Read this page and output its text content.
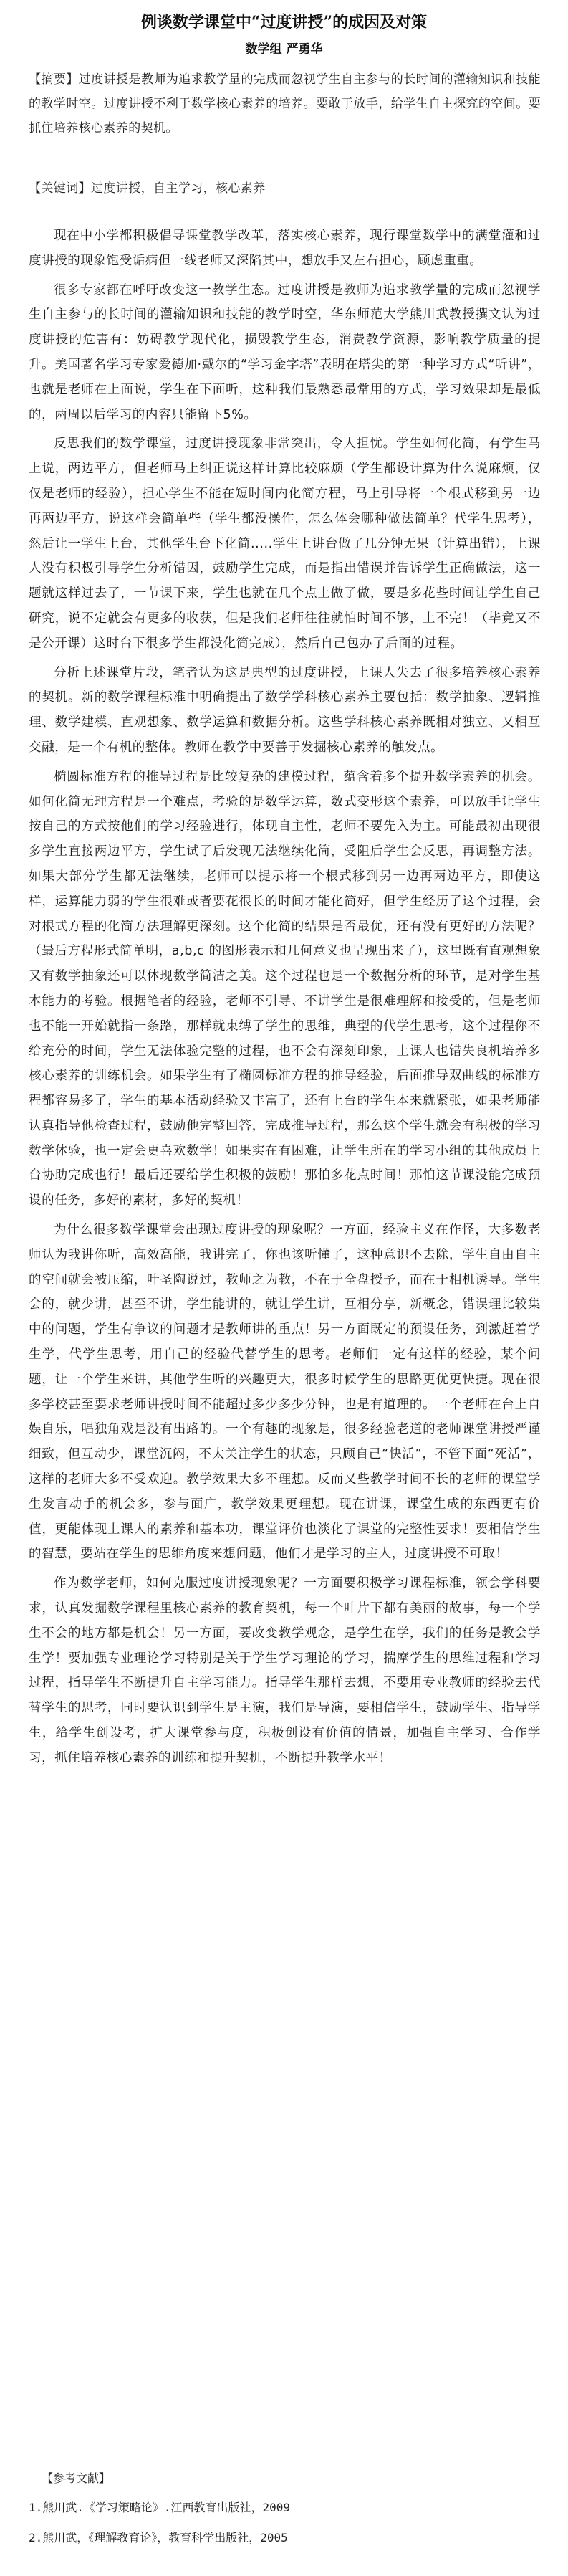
例谈数学课堂中“过度讲授”的成因及对策
数学组 严勇华
【摘要】过度讲授是教师为追求教学量的完成而忽视学生自主参与的长时间的灌输知识和技能的教学时空。过度讲授不利于数学核心素养的培养。要敢于放手，给学生自主探究的空间。要抓住培养核心素养的契机。
【关键词】过度讲授，自主学习，核心素养

现在中小学都积极倡导课堂教学改革，落实核心素养，现行课堂数学中的满堂灌和过度讲授的现象饱受诟病但一线老师又深陷其中，想放手又左右担心，顾虑重重。

很多专家都在呼吁改变这一教学生态。过度讲授是教师为追求教学量的完成而忽视学生自主参与的长时间的灌输知识和技能的教学时空，华东师范大学熊川武教授撰文认为过度讲授的危害有：妨碍教学现代化，损毁教学生态，消费教学资源，影响教学质量的提升。美国著名学习专家爱德加·戴尔的“学习金字塔”表明在塔尖的第一种学习方式“听讲”，也就是老师在上面说，学生在下面听，这种我们最熟悉最常用的方式，学习效果却是最低的，两周以后学习的内容只能留下5%。

反思我们的数学课堂，过度讲授现象非常突出，令人担忧。学生如何化简，有学生马上说，两边平方，但老师马上纠正说这样计算比较麻烦（学生都设计算为什么说麻烦，仅仅是老师的经验），担心学生不能在短时间内化简方程，马上引导将一个根式移到另一边再两边平方，说这样会简单些（学生都没操作，怎么体会哪种做法简单？代学生思考），然后让一学生上台，其他学生台下化简.....学生上讲台做了几分钟无果（计算出错），上课人没有积极引导学生分析错因，鼓励学生完成，而是指出错误并告诉学生正确做法，这一题就这样过去了，一节课下来，学生也就在几个点上做了做，要是多花些时间让学生自己研究，说不定就会有更多的收获，但是我们老师往往就怕时间不够，上不完！（毕竟又不是公开课）这时台下很多学生都没化简完成），然后自己包办了后面的过程。

分析上述课堂片段，笔者认为这是典型的过度讲授，上课人失去了很多培养核心素养的契机。新的数学课程标准中明确提出了数学学科核心素养主要包括：数学抽象、逻辑推理、数学建模、直观想象、数学运算和数据分析。这些学科核心素养既相对独立、又相互交融，是一个有机的整体。教师在教学中要善于发掘核心素养的触发点。

椭圆标准方程的推导过程是比较复杂的建模过程，蕴含着多个提升数学素养的机会。如何化简无理方程是一个难点，考验的是数学运算，数式变形这个素养，可以放手让学生按自己的方式按他们的学习经验进行，体现自主性，老师不要先入为主。可能最初出现很多学生直接两边平方，学生试了后发现无法继续化简，受阻后学生会反思，再调整方法。如果大部分学生都无法继续，老师可以提示将一个根式移到另一边再两边平方，即使这样，运算能力弱的学生很难或者要花很长的时间才能化简好，但学生经历了这个过程，会对根式方程的化简方法理解更深刻。这个化简的结果是否最优，还有没有更好的方法呢？（最后方程形式简单明，a,b,c 的图形表示和几何意义也呈现出来了），这里既有直观想象又有数学抽象还可以体现数学简洁之美。这个过程也是一个数据分析的环节，是对学生基本能力的考验。根据笔者的经验，老师不引导、不讲学生是很难理解和接受的，但是老师也不能一开始就指一条路，那样就束缚了学生的思维，典型的代学生思考，这个过程你不给充分的时间，学生无法体验完整的过程，也不会有深刻印象，上课人也错失良机培养多核心素养的训练机会。如果学生有了椭圆标准方程的推导经验，后面推导双曲线的标准方程都容易多了，学生的基本活动经验又丰富了，还有上台的学生本来就紧张，如果老师能认真指导他检查过程，鼓励他完整回答，完成推导过程，那么这个学生就会有积极的学习数学体验，也一定会更喜欢数学！如果实在有困难，让学生所在的学习小组的其他成员上台协助完成也行！最后还要给学生积极的鼓励！那怕多花点时间！那怕这节课没能完成预设的任务，多好的素材，多好的契机！

为什么很多数学课堂会出现过度讲授的现象呢？一方面，经验主义在作怪，大多数老师认为我讲你听，高效高能，我讲完了，你也该听懂了，这种意识不去除，学生自由自主的空间就会被压缩，叶圣陶说过，教师之为教，不在于全盘授予，而在于相机诱导。学生会的，就少讲，甚至不讲，学生能讲的，就让学生讲，互相分享，新概念，错误理比较集中的问题，学生有争议的问题才是教师讲的重点！另一方面既定的预设任务，到激赶着学生学，代学生思考，用自己的经验代替学生的思考。老师们一定有这样的经验，某个问题，让一个学生来讲，其他学生听的兴趣更大，很多时候学生的思路更优更快捷。现在很多学校甚至要求老师讲授时间不能超过多少多少分钟，也是有道理的。一个老师在台上自娱自乐，唱独角戏是没有出路的。一个有趣的现象是，很多经验老道的老师课堂讲授严谨细致，但互动少，课堂沉闷，不太关注学生的状态，只顾自己“快活”，不管下面“死活”，这样的老师大多不受欢迎。教学效果大多不理想。反而又些教学时间不长的老师的课堂学生发言动手的机会多，参与面广，教学效果更理想。现在讲课，课堂生成的东西更有价值，更能体现上课人的素养和基本功，课堂评价也淡化了课堂的完整性要求！要相信学生的智慧，要站在学生的思维角度来想问题，他们才是学习的主人，过度讲授不可取！

作为数学老师，如何克服过度讲授现象呢？一方面要积极学习课程标准，领会学科要求，认真发掘数学课程里核心素养的教育契机，每一个叶片下都有美丽的故事，每一个学生不会的地方都是机会！另一方面，要改变教学观念，是学生在学，我们的任务是教会学生学！要加强专业理论学习特别是关于学生学习理论的学习，揣摩学生的思维过程和学习过程，指导学生不断提升自主学习能力。指导学生那样去想，不要用专业教师的经验去代替学生的思考，同时要认识到学生是主演，我们是导演，要相信学生，鼓励学生、指导学生，给学生创设考，扩大课堂参与度，积极创设有价值的情景，加强自主学习、合作学习，抓住培养核心素养的训练和提升契机，不断提升教学水平！

【参考文献】
1.熊川武.《学习策略论》.江西教育出版社，2009
2.熊川武，《理解教育论》，教育科学出版社，2005
